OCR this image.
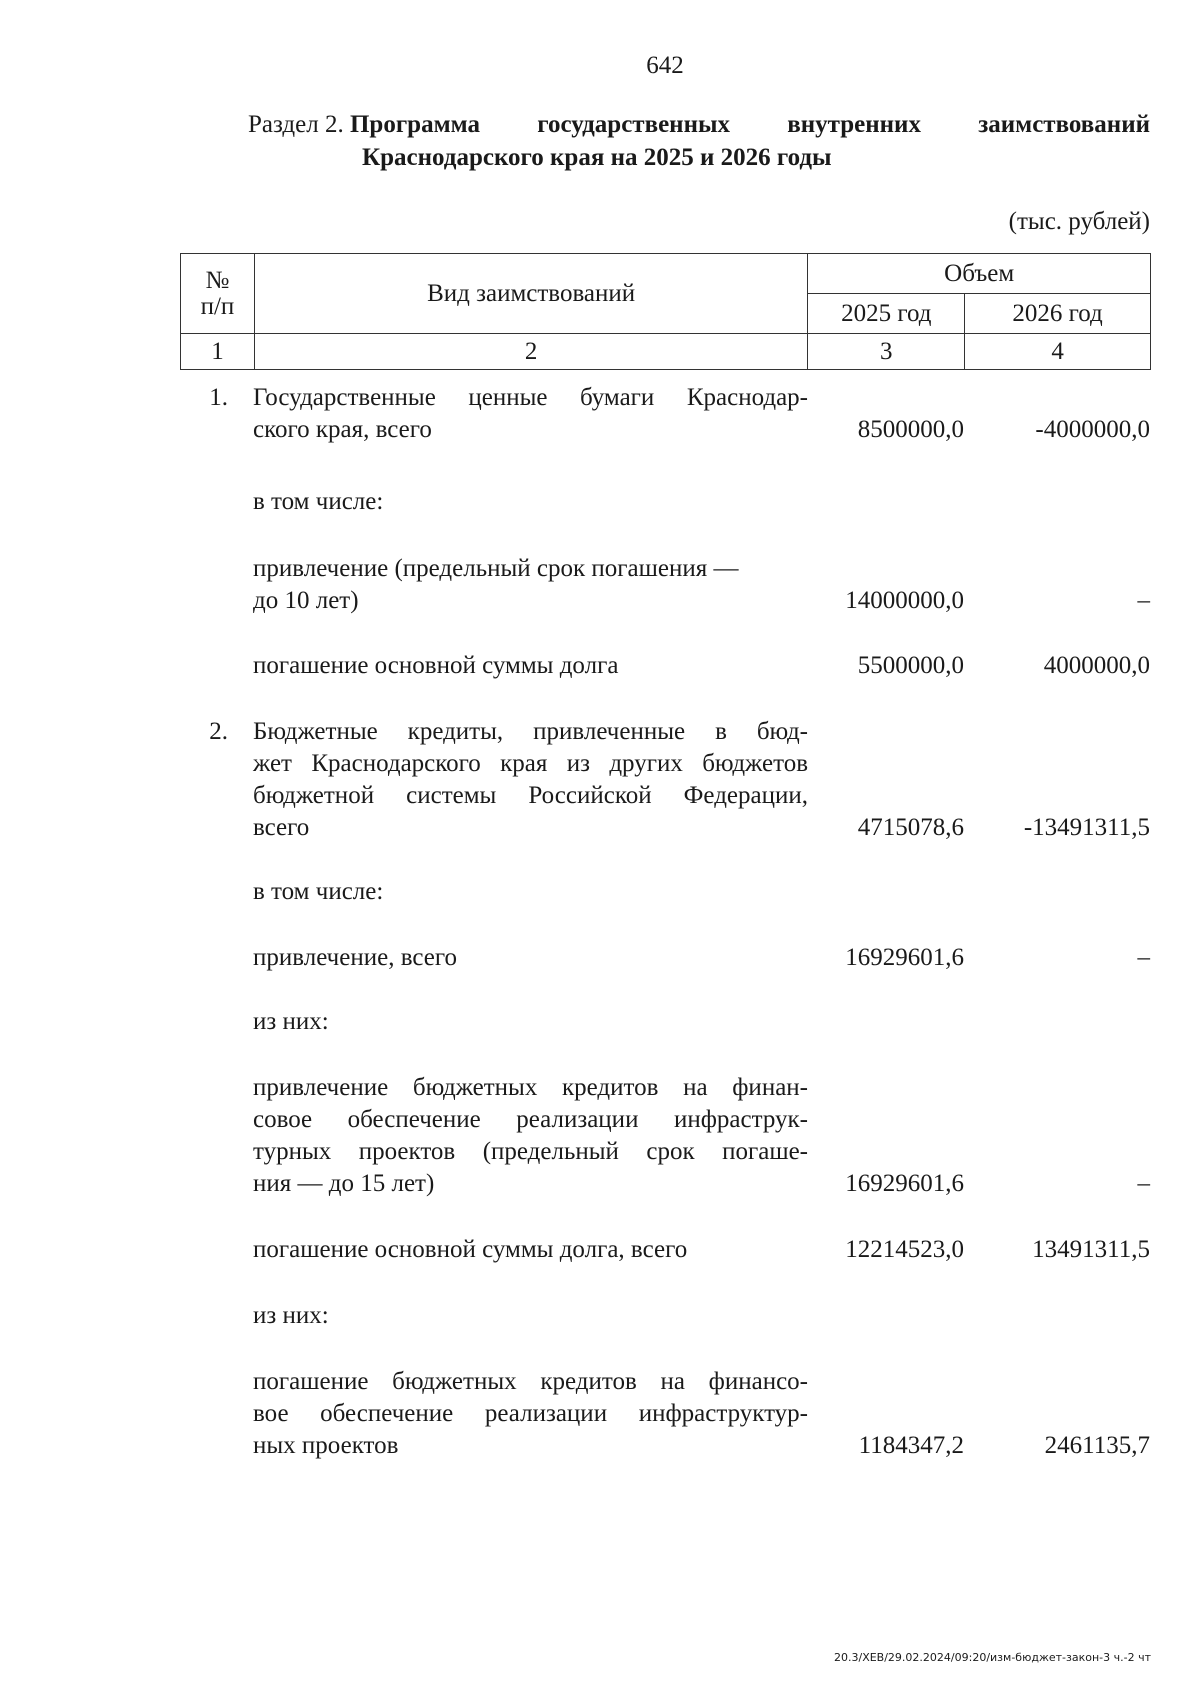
642
Раздел 2. Программа государственных внутренних заимствований
Краснодарского края на 2025 и 2026 годы
(тыс. рублей)
№
п/п	Вид заимствований	Объем	
		2025 год	2026 год
1	2	3	4
1. Государственные ценные бумаги Краснодар-
ского края, всего	8500000,0	-4000000,0
в том числе:
привлечение (предельный срок погашения —
до 10 лет)	14000000,0	–
погашение основной суммы долга	5500000,0	4000000,0
2. Бюджетные кредиты, привлеченные в бюд-
жет Краснодарского края из других бюджетов
бюджетной системы Российской Федерации,
всего	4715078,6 -13491311,5
в том числе:
привлечение, всего	16929601,6	–
из них:
привлечение бюджетных кредитов на финан-
совое обеспечение реализации инфраструк-
турных проектов (предельный срок погаше-
ния — до 15 лет)	16929601,6	–
погашение основной суммы долга, всего	12214523,0	13491311,5
из них:
погашение бюджетных кредитов на финансо-
вое обеспечение реализации инфраструктур-
ных проектов	1184347,2	2461135,7
20.3/ХЕВ/29.02.2024/09:20/изм-бюджет-закон-3 ч.-2 чт
